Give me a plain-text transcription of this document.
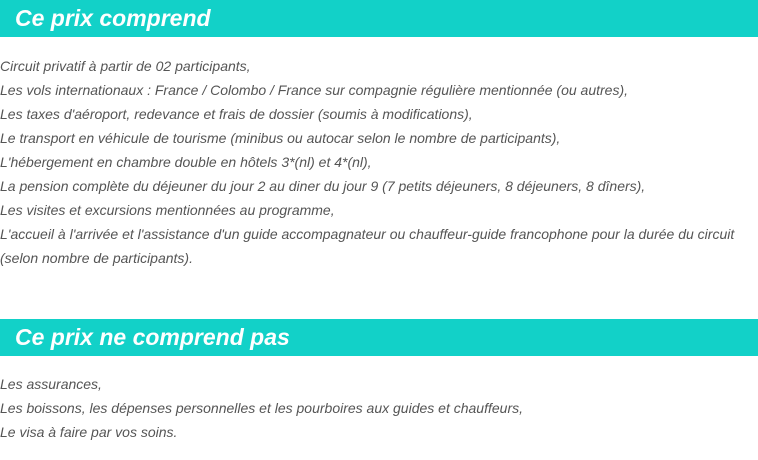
Ce prix comprend
Circuit privatif à partir de 02 participants,
Les vols internationaux : France / Colombo / France sur compagnie régulière mentionnée (ou autres),
Les taxes d'aéroport, redevance et frais de dossier (soumis à modifications),
Le transport en véhicule de tourisme (minibus ou autocar selon le nombre de participants),
L'hébergement en chambre double en hôtels 3*(nl) et 4*(nl),
La pension complète du déjeuner du jour 2 au diner du jour 9 (7 petits déjeuners, 8 déjeuners, 8 dîners),
Les visites et excursions mentionnées au programme,
L'accueil à l'arrivée et l'assistance d'un guide accompagnateur ou chauffeur-guide francophone pour la durée du circuit (selon nombre de participants).
Ce prix ne comprend pas
Les assurances,
Les boissons, les dépenses personnelles et les pourboires aux guides et chauffeurs,
Le visa à faire par vos soins.
